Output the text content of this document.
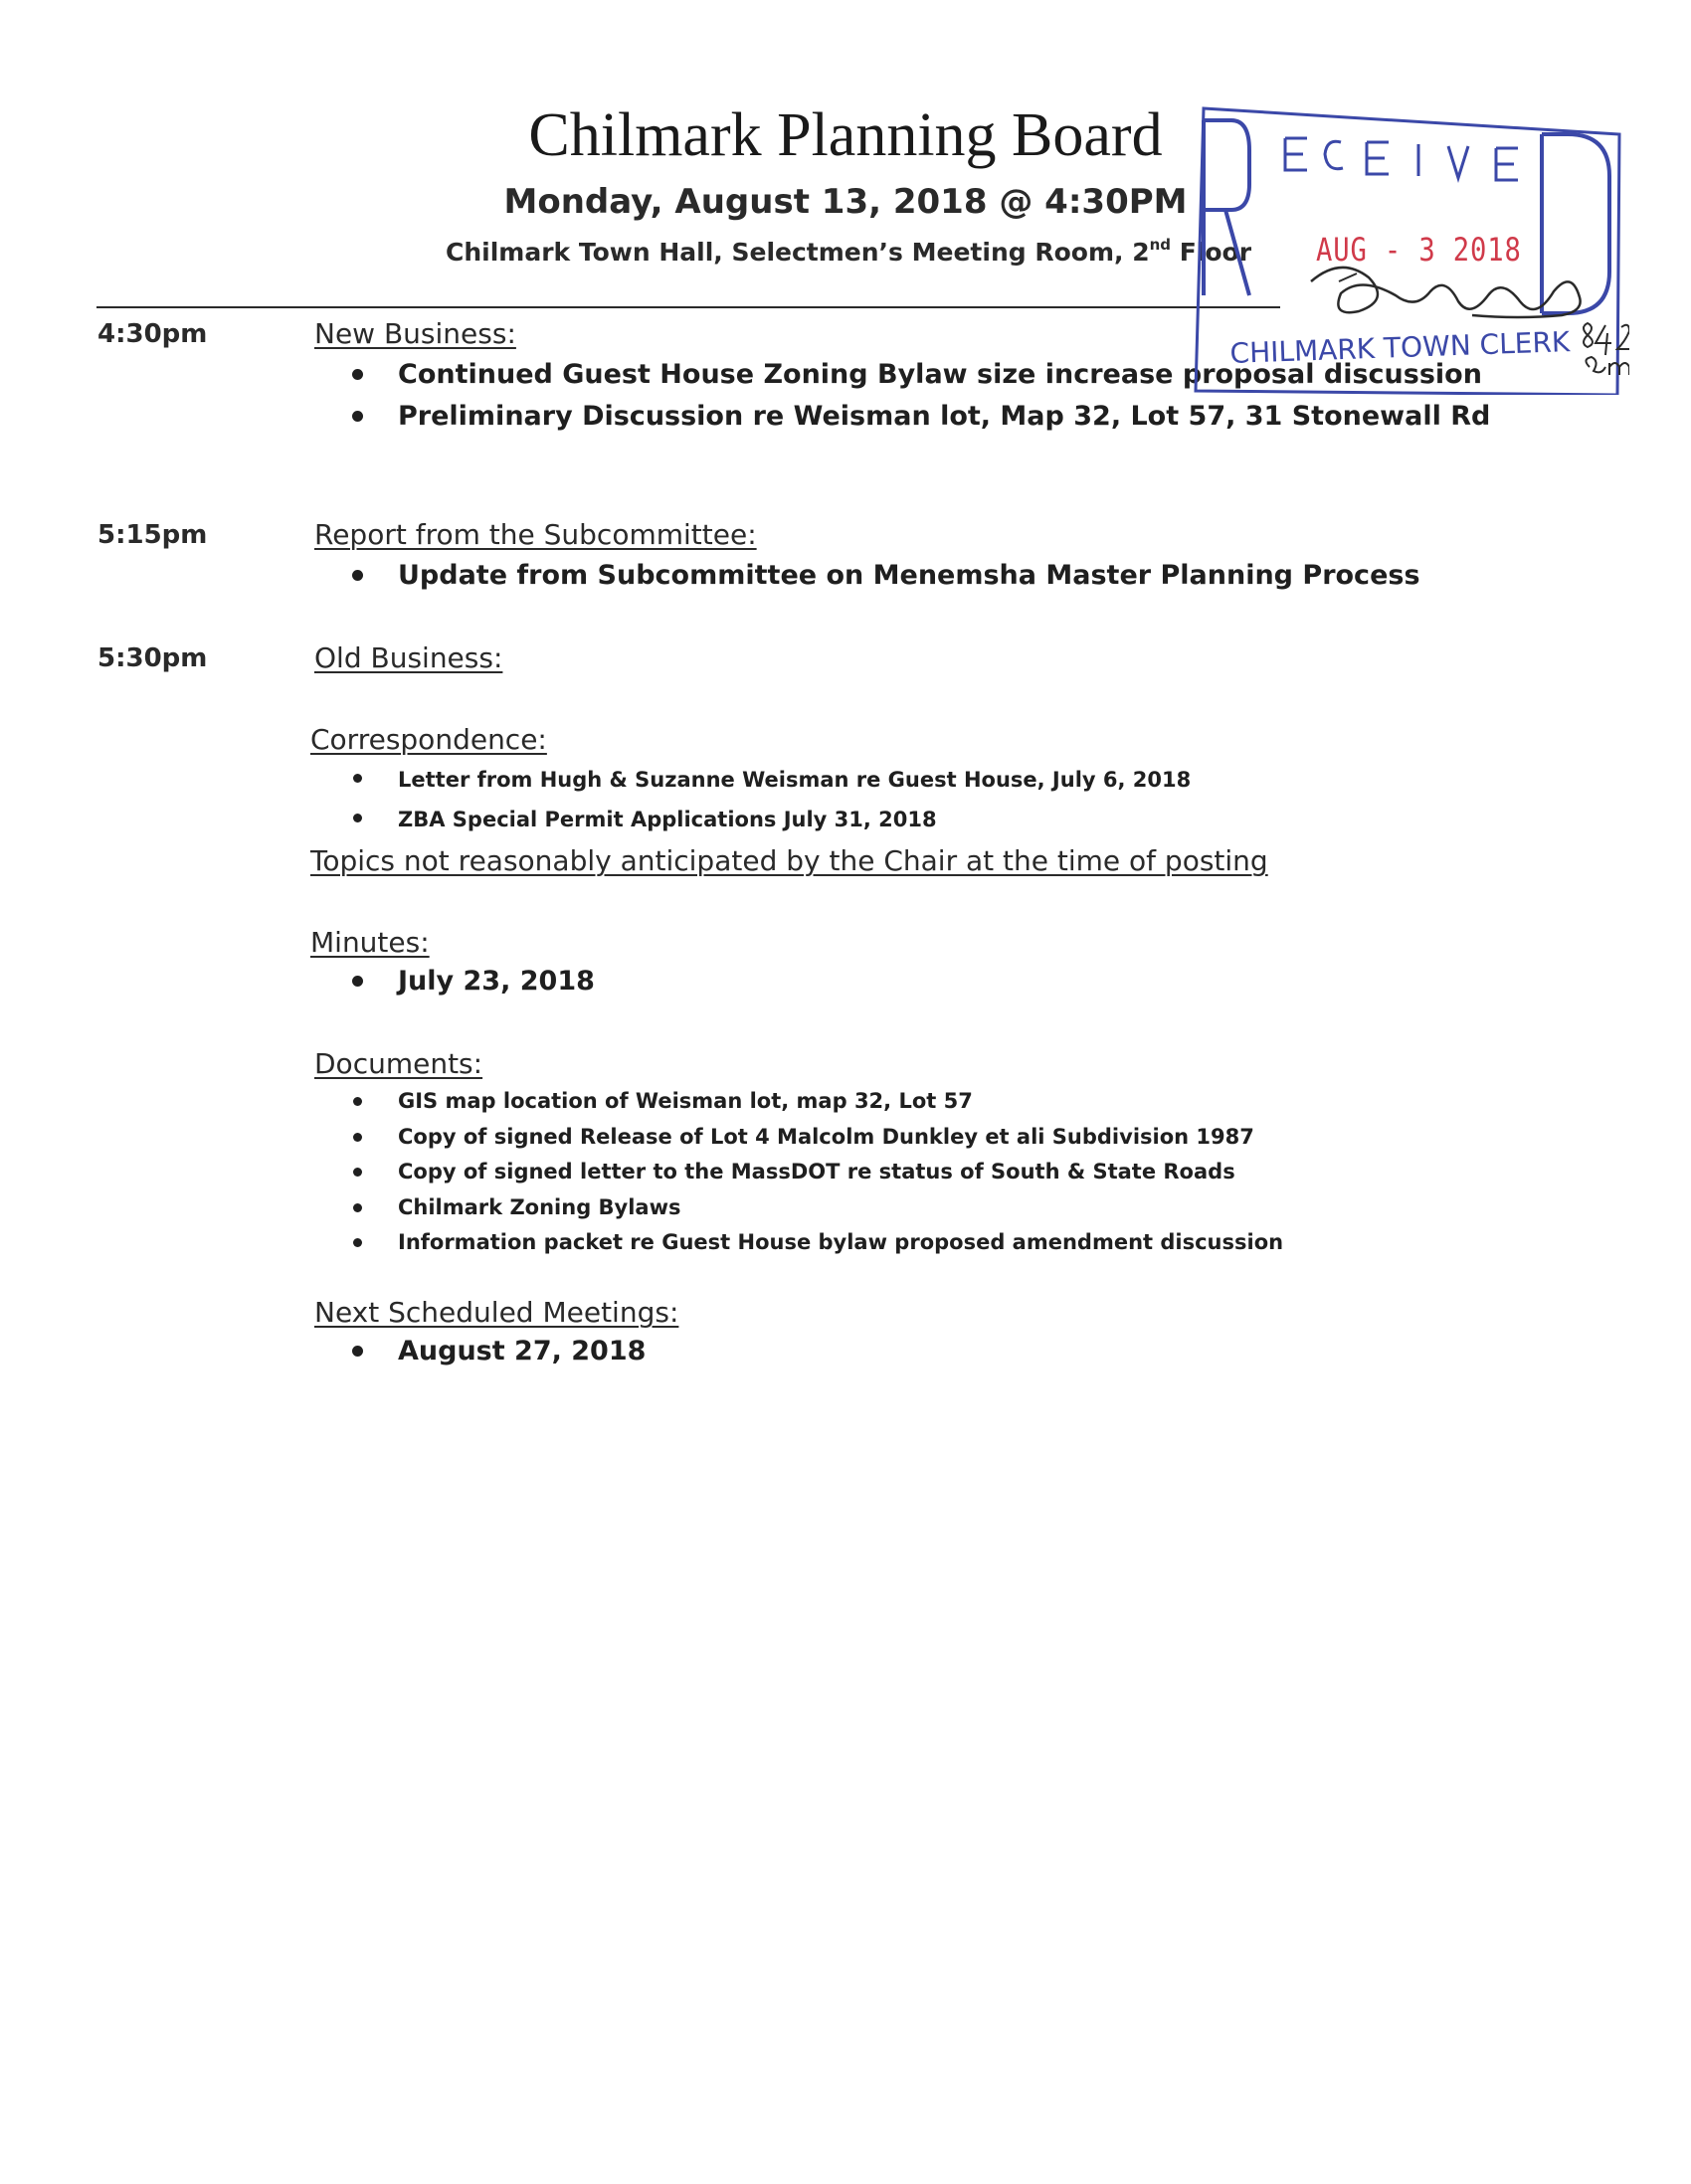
Chilmark Planning Board
Monday, August 13, 2018 @ 4:30PM
Chilmark Town Hall, Selectmen’s Meeting Room, 2nd Floor
4:30pm	New Business:
Continued Guest House Zoning Bylaw size increase proposal discussion
Preliminary Discussion re Weisman lot, Map 32, Lot 57, 31 Stonewall Rd
5:15pm	Report from the Subcommittee:
Update from Subcommittee on Menemsha Master Planning Process
5:30pm	Old Business:
Correspondence:
Letter from Hugh & Suzanne Weisman re Guest House, July 6, 2018
ZBA Special Permit Applications July 31, 2018
Topics not reasonably anticipated by the Chair at the time of posting
Minutes:
July 23, 2018
Documents:
GIS map location of Weisman lot, map 32, Lot 57
Copy of signed Release of Lot 4 Malcolm Dunkley et ali Subdivision 1987
Copy of signed letter to the MassDOT re status of South & State Roads
Chilmark Zoning Bylaws
Information packet re Guest House bylaw proposed amendment discussion
Next Scheduled Meetings:
August 27, 2018
AUG - 3 2018
CHILMARK TOWN CLERK
